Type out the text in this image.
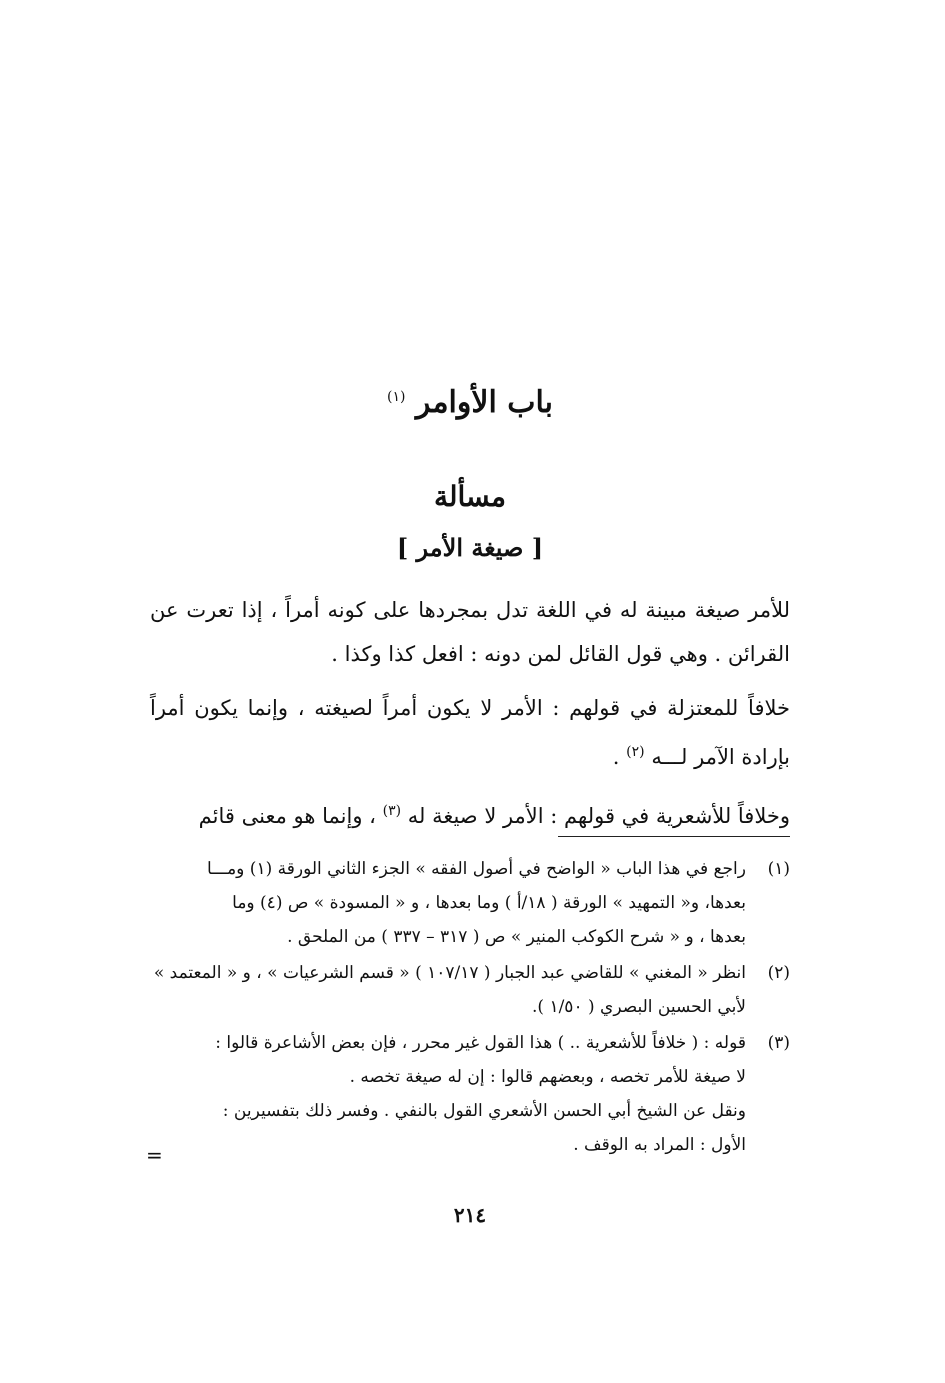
باب الأوامر $^{(١)}$
مسألة
[ صيغة الأمر ]

للأمر صيغة مبينة له في اللغة تدل بمجردها على كونه أمراً ، إذا تعرت عن القرائن . وهي قول القائل لمن دونه : افعل كذا وكذا .

خلافاً للمعتزلة في قولهم : الأمر لا يكون أمراً لصيغته ، وإنما يكون أمراً بإرادة الآمر لـــه $^{(٢)}$ .

وخلافاً للأشعرية في قولهم : الأمر لا صيغة له $^{(٣)}$ ، وإنما هو معنى قائم

(١)
راجع في هذا الباب « الواضح في أصول الفقه » الجزء الثاني الورقة (١) ومـــا
بعدها، و« التمهيد » الورقة ( ١٨/أ ) وما بعدها ، و « المسودة » ص (٤) وما
بعدها ، و « شرح الكوكب المنير » ص ( ٣١٧ – ٣٣٧ ) من الملحق .
(٢)
انظر « المغني » للقاضي عبد الجبار ( ١٠٧/١٧ ) « قسم الشرعيات » ، و « المعتمد »
لأبي الحسين البصري ( ١/٥٠ ).
(٣)
قوله : ( خلافاً للأشعرية .. ) هذا القول غير محرر ، فإن بعض الأشاعرة قالوا :
لا صيغة للأمر تخصه ، وبعضهم قالوا : إن له صيغة تخصه .
ونقل عن الشيخ أبي الحسن الأشعري القول بالنفي . وفسر ذلك بتفسيرين :
الأول : المراد به الوقف .
=
٢١٤
